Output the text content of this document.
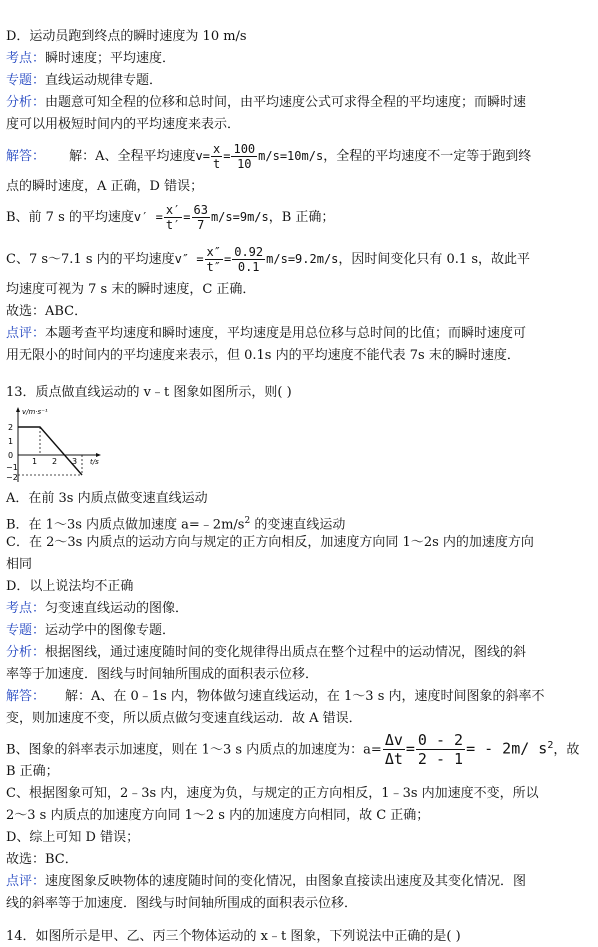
D．运动员跑到终点的瞬时速度为 10 m/s
考点：瞬时速度；平均速度．
专题：直线运动规律专题．
分析：由题意可知全程的位移和总时间，由平均速度公式可求得全程的平均速度；而瞬时速
度可以用极短时间内的平均速度来表示．
解答： 解：A、全程平均速度$v= \frac{x}{t} = \frac{100}{10} m/s=10m/s$，全程的平均速度不一定等于跑到终
点的瞬时速度，A 正确，D 错误；
B、前 7 s 的平均速度$v' = \frac{x'}{t'} = \frac{63}{7} m/s=9m/s$，B 正确；
C、7 s～7.1 s 内的平均速度$v'' = \frac{x''}{t''} = \frac{0.92}{0.1} m/s=9.2m/s$，因时间变化只有 0.1 s，故此平
均速度可视为 7 s 末的瞬时速度，C 正确．
故选：ABC．
点评：本题考查平均速度和瞬时速度，平均速度是用总位移与总时间的比值；而瞬时速度可
用无限小的时间内的平均速度来表示，但 0.1s 内的平均速度不能代表 7s 末的瞬时速度．
13．质点做直线运动的 v﹣t 图象如图所示，则( )
v/m·s⁻¹
t/s
2
1
0
−1
−2
1 2 3
A．在前 3s 内质点做变速直线运动
B．在 1～3s 内质点做加速度 $a=﹣2m/s^2$ 的变速直线运动
C．在 2～3s 内质点的运动方向与规定的正方向相反，加速度方向同 1～2s 内的加速度方向
相同
D．以上说法均不正确
考点：匀变速直线运动的图像．
专题：运动学中的图像专题．
分析：根据图线，通过速度随时间的变化规律得出质点在整个过程中的运动情况，图线的斜
率等于加速度．图线与时间轴所围成的面积表示位移．
解答： 解：A、在 0﹣1s 内，物体做匀速直线运动，在 1～3 s 内，速度时间图象的斜率不
变，则加速度不变，所以质点做匀变速直线运动．故 A 错误．
B、图象的斜率表示加速度，则在 1～3 s 内质点的加速度为：$a= \frac{\Delta v}{\Delta t} = \frac{0 - 2}{2 - 1}$ = - 2m/ $s^2$，故
B 正确；
C、根据图象可知，2﹣3s 内，速度为负，与规定的正方向相反，1﹣3s 内加速度不变，所以
2～3 s 内质点的加速度方向同 1～2 s 内的加速度方向相同，故 C 正确；
D、综上可知 D 错误；
故选：BC．
点评：速度图象反映物体的速度随时间的变化情况，由图象直接读出速度及其变化情况．图
线的斜率等于加速度．图线与时间轴所围成的面积表示位移．
14．如图所示是甲、乙、丙三个物体运动的 x﹣t 图象，下列说法中正确的是( )
